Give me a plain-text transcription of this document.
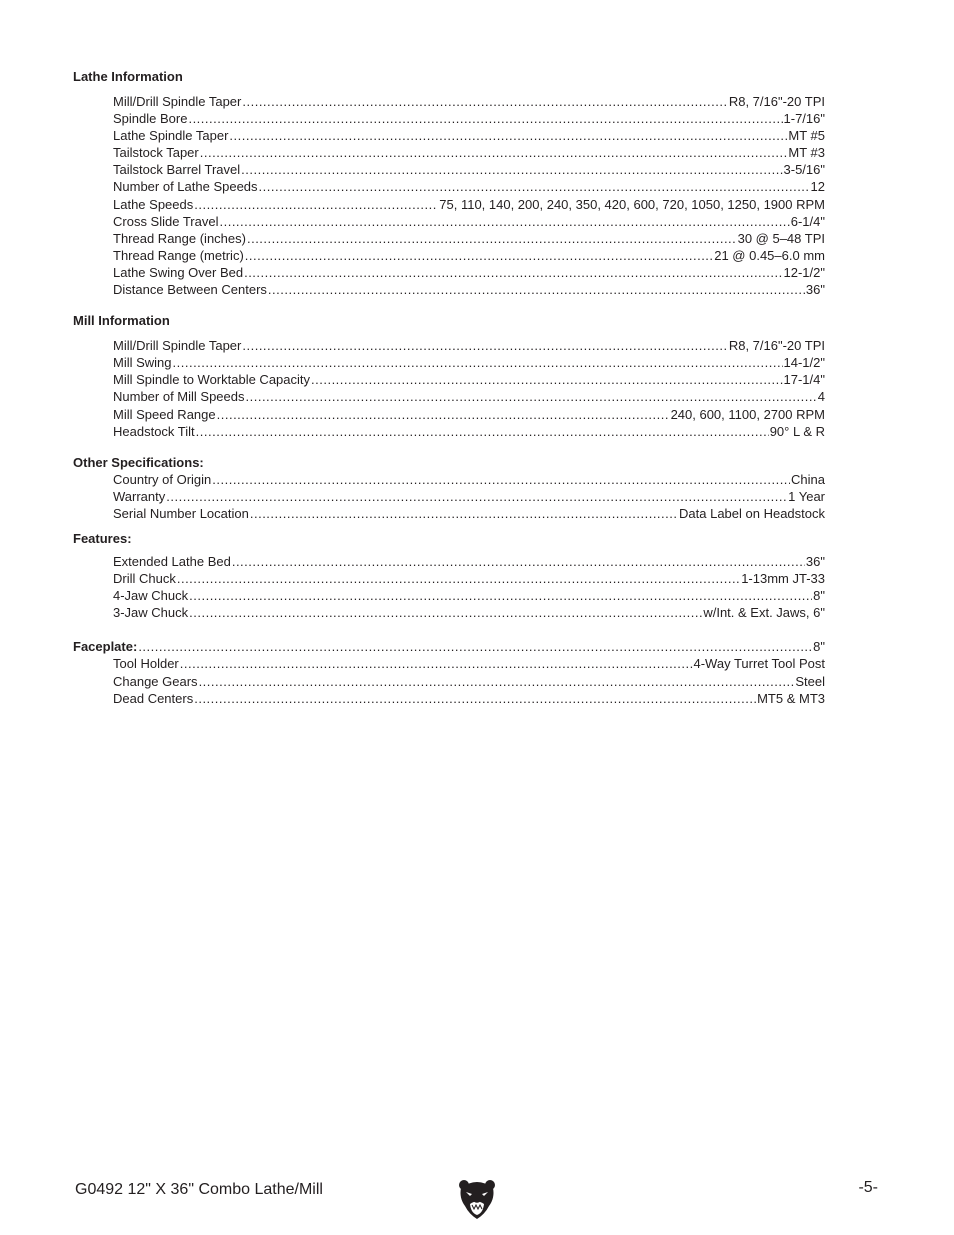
Lathe Information

Mill/Drill Spindle Taper .....	R8, 7/16"-20 TPI
Spindle Bore .....	1-7/16"
Lathe Spindle Taper .....	MT #5
Tailstock Taper .....	MT #3
Tailstock Barrel Travel .....	3-5/16"
Number of Lathe Speeds .....	12
Lathe Speeds .....	75, 110, 140, 200, 240, 350, 420, 600, 720, 1050, 1250, 1900 RPM
Cross Slide Travel .....	6-1/4"
Thread Range (inches) .....	30 @ 5–48 TPI
Thread Range (metric) .....	21 @ 0.45–6.0 mm
Lathe Swing Over Bed .....	12-1/2"
Distance Between Centers .....	36"

Mill Information

Mill/Drill Spindle Taper .....	R8, 7/16"-20 TPI
Mill Swing .....	14-1/2"
Mill Spindle to Worktable Capacity .....	17-1/4"
Number of Mill Speeds .....	4
Mill Speed Range .....	240, 600, 1100, 2700 RPM
Headstock Tilt .....	90° L & R

Other Specifications:

Country of Origin .....	China
Warranty .....	1 Year
Serial Number Location .....	Data Label on Headstock

Features:

Extended Lathe Bed .....	36"
Drill Chuck .....	1-13mm JT-33
4-Jaw Chuck .....	8"
3-Jaw Chuck .....	w/Int. & Ext. Jaws, 6"
Faceplate: .....	8"
Tool Holder .....	4-Way Turret Tool Post
Change Gears .....	Steel
Dead Centers .....	MT5 & MT3
G0492 12" X 36" Combo Lathe/Mill	-5-
